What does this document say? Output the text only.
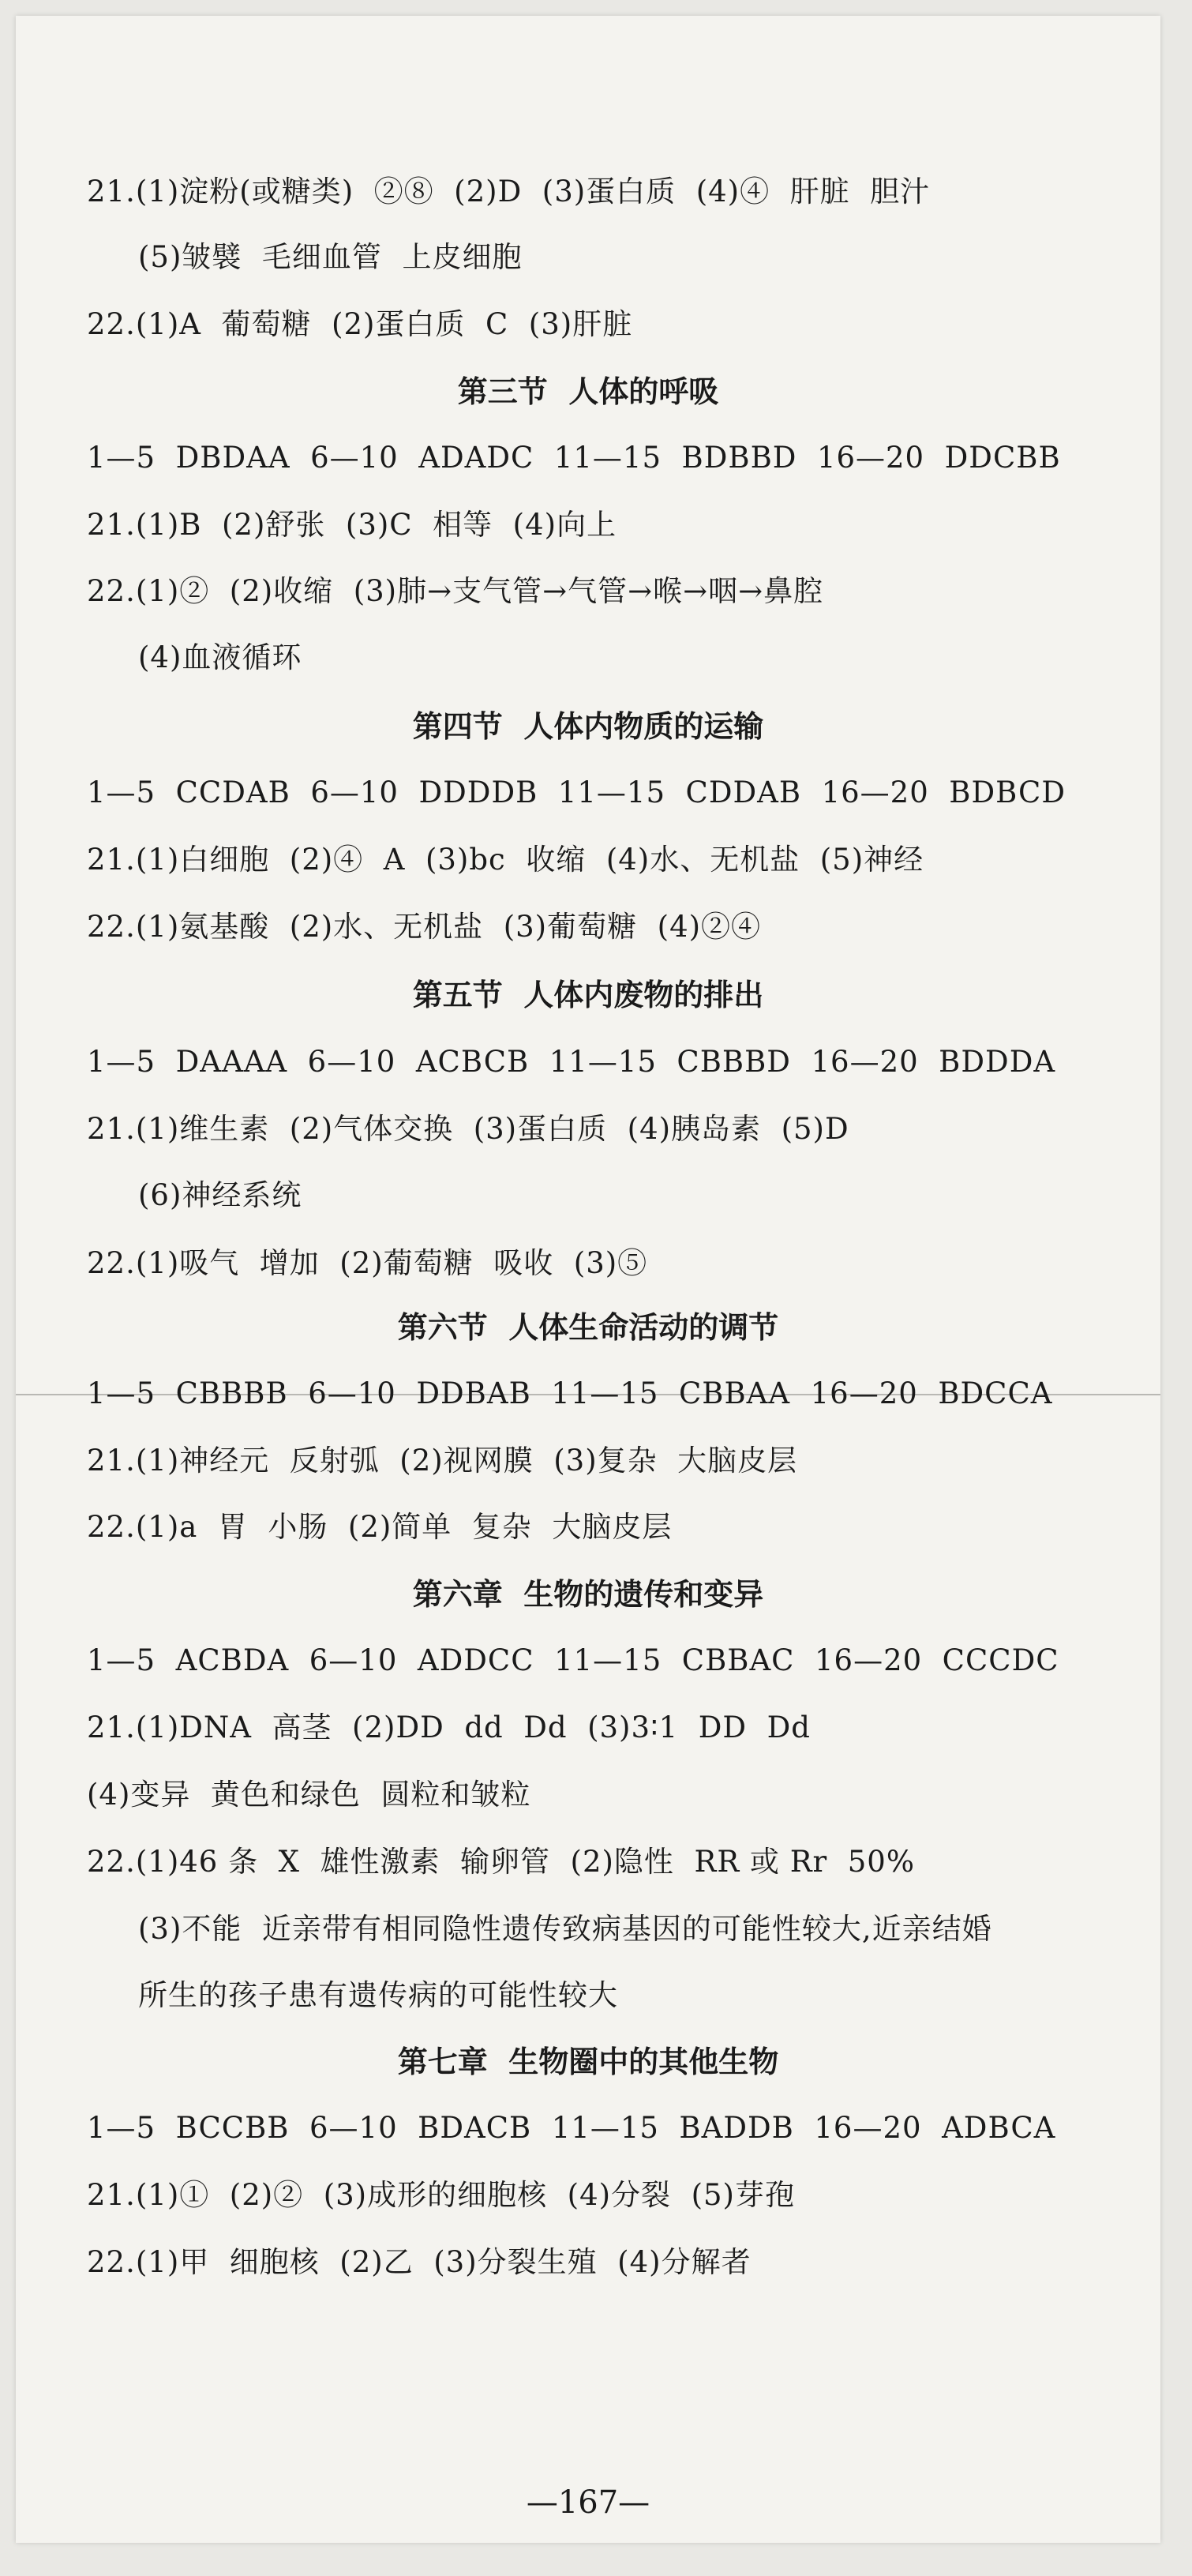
21.(1)淀粉(或糖类)  ②⑧  (2)D  (3)蛋白质  (4)④  肝脏  胆汁
(5)皱襞  毛细血管  上皮细胞
22.(1)A  葡萄糖  (2)蛋白质  C  (3)肝脏
第三节  人体的呼吸
1—5  DBDAA  6—10  ADADC  11—15  BDBBD  16—20  DDCBB
21.(1)B  (2)舒张  (3)C  相等  (4)向上
22.(1)②  (2)收缩  (3)肺→支气管→气管→喉→咽→鼻腔
(4)血液循环
第四节  人体内物质的运输
1—5  CCDAB  6—10  DDDDB  11—15  CDDAB  16—20  BDBCD
21.(1)白细胞  (2)④  A  (3)bc  收缩  (4)水、无机盐  (5)神经
22.(1)氨基酸  (2)水、无机盐  (3)葡萄糖  (4)②④
第五节  人体内废物的排出
1—5  DAAAA  6—10  ACBCB  11—15  CBBBD  16—20  BDDDA
21.(1)维生素  (2)气体交换  (3)蛋白质  (4)胰岛素  (5)D
(6)神经系统
22.(1)吸气  增加  (2)葡萄糖  吸收  (3)⑤
第六节  人体生命活动的调节
1—5  CBBBB  6—10  DDBAB  11—15  CBBAA  16—20  BDCCA
21.(1)神经元  反射弧  (2)视网膜  (3)复杂  大脑皮层
22.(1)a  胃  小肠  (2)简单  复杂  大脑皮层
第六章  生物的遗传和变异
1—5  ACBDA  6—10  ADDCC  11—15  CBBAC  16—20  CCCDC
21.(1)DNA  高茎  (2)DD  dd  Dd  (3)3∶1  DD  Dd
(4)变异  黄色和绿色  圆粒和皱粒
22.(1)46 条  X  雄性激素  输卵管  (2)隐性  RR 或 Rr  50%
(3)不能  近亲带有相同隐性遗传致病基因的可能性较大,近亲结婚
所生的孩子患有遗传病的可能性较大
第七章  生物圈中的其他生物
1—5  BCCBB  6—10  BDACB  11—15  BADDB  16—20  ADBCA
21.(1)①  (2)②  (3)成形的细胞核  (4)分裂  (5)芽孢
22.(1)甲  细胞核  (2)乙  (3)分裂生殖  (4)分解者
—167—
